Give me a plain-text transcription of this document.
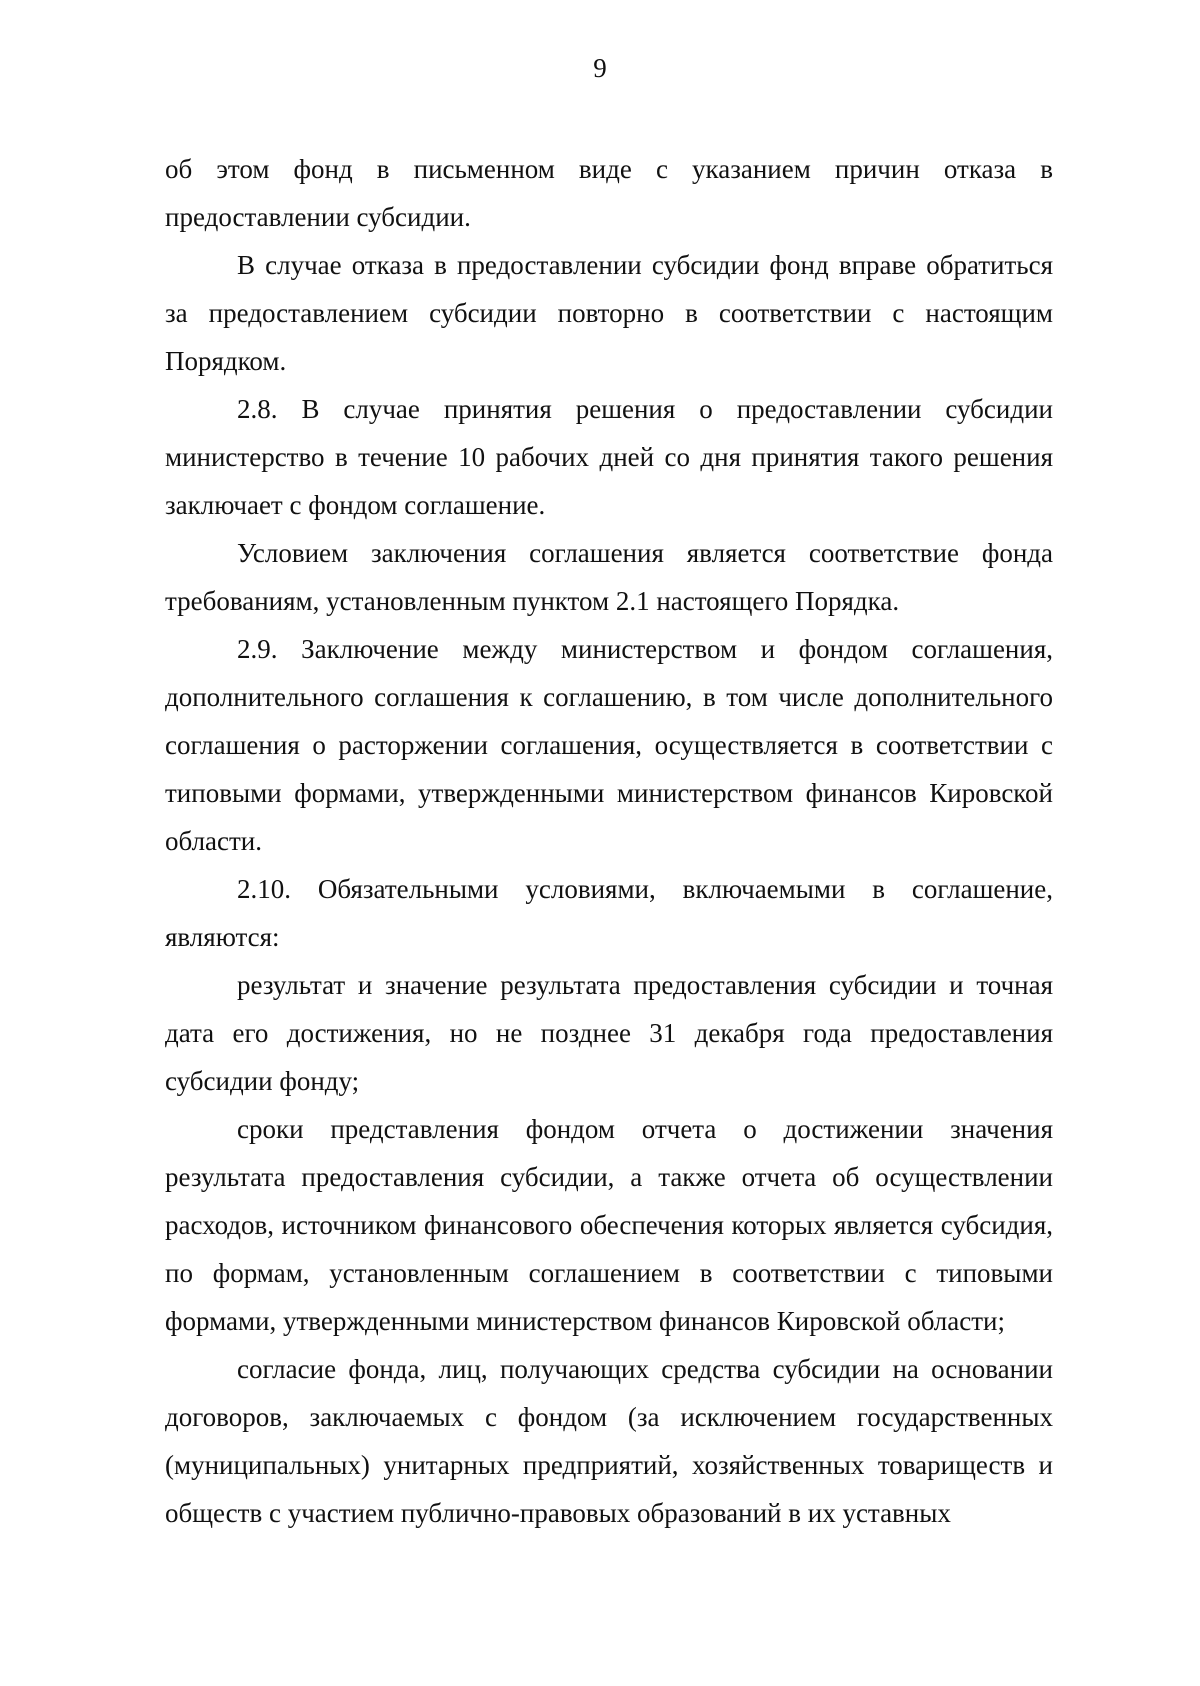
9

об этом фонд в письменном виде с указанием причин отказа в предоставлении субсидии.

В случае отказа в предоставлении субсидии фонд вправе обратиться за предоставлением субсидии повторно в соответствии с настоящим Порядком.

2.8. В случае принятия решения о предоставлении субсидии министерство в течение 10 рабочих дней со дня принятия такого решения заключает с фондом соглашение.

Условием заключения соглашения является соответствие фонда требованиям, установленным пунктом 2.1 настоящего Порядка.

2.9. Заключение между министерством и фондом соглашения, дополнительного соглашения к соглашению, в том числе дополнительного соглашения о расторжении соглашения, осуществляется в соответствии с типовыми формами, утвержденными министерством финансов Кировской области.

2.10. Обязательными условиями, включаемыми в соглашение, являются:

результат и значение результата предоставления субсидии и точная дата его достижения, но не позднее 31 декабря года предоставления субсидии фонду;

сроки представления фондом отчета о достижении значения результата предоставления субсидии, а также отчета об осуществлении расходов, источником финансового обеспечения которых является субсидия, по формам, установленным соглашением в соответствии с типовыми формами, утвержденными министерством финансов Кировской области;

согласие фонда, лиц, получающих средства субсидии на основании договоров, заключаемых с фондом (за исключением государственных (муниципальных) унитарных предприятий, хозяйственных товариществ и обществ с участием публично-правовых образований в их уставных
